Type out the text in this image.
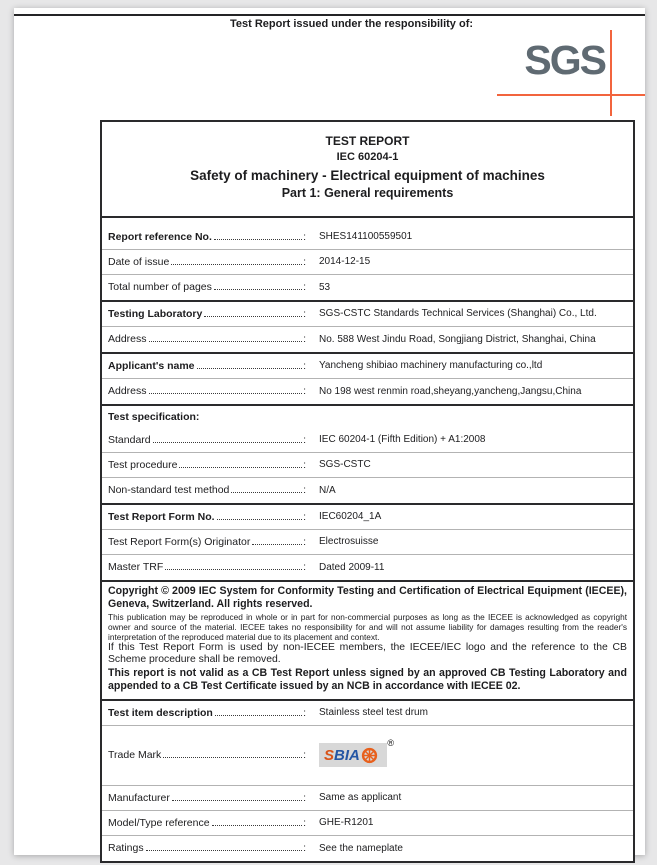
Test Report issued under the responsibility of:
SGS
TEST REPORT
IEC 60204-1
Safety of machinery - Electrical equipment of machines
Part 1: General requirements
Report reference No.	: SHES141100559501
Date of issue	: 2014-12-15
Total number of pages	: 53
Testing Laboratory	: SGS-CSTC Standards Technical Services (Shanghai) Co., Ltd.
Address	: No. 588 West Jindu Road, Songjiang District, Shanghai, China
Applicant's name	: Yancheng shibiao machinery manufacturing co.,ltd
Address	: No 198 west renmin road,sheyang,yancheng,Jangsu,China
Test specification:
Standard	: IEC 60204-1 (Fifth Edition) + A1:2008
Test procedure	: SGS-CSTC
Non-standard test method	: N/A
Test Report Form No.	: IEC60204_1A
Test Report Form(s) Originator	: Electrosuisse
Master TRF	: Dated 2009-11

Copyright © 2009 IEC System for Conformity Testing and Certification of Electrical Equipment (IECEE), Geneva, Switzerland. All rights reserved.

This publication may be reproduced in whole or in part for non-commercial purposes as long as the IECEE is acknowledged as copyright owner and source of the material. IECEE takes no responsibility for and will not assume liability for damages resulting from the reader's interpretation of the reproduced material due to its placement and context.

If this Test Report Form is used by non-IECEE members, the IECEE/IEC logo and the reference to the CB Scheme procedure shall be removed.

This report is not valid as a CB Test Report unless signed by an approved CB Testing Laboratory and appended to a CB Test Certificate issued by an NCB in accordance with IECEE 02.

Test item description	: Stainless steel test drum
Trade Mark	:
®
SBIA
Manufacturer	: Same as applicant
Model/Type reference	: GHE-R1201
Ratings	: See the nameplate
